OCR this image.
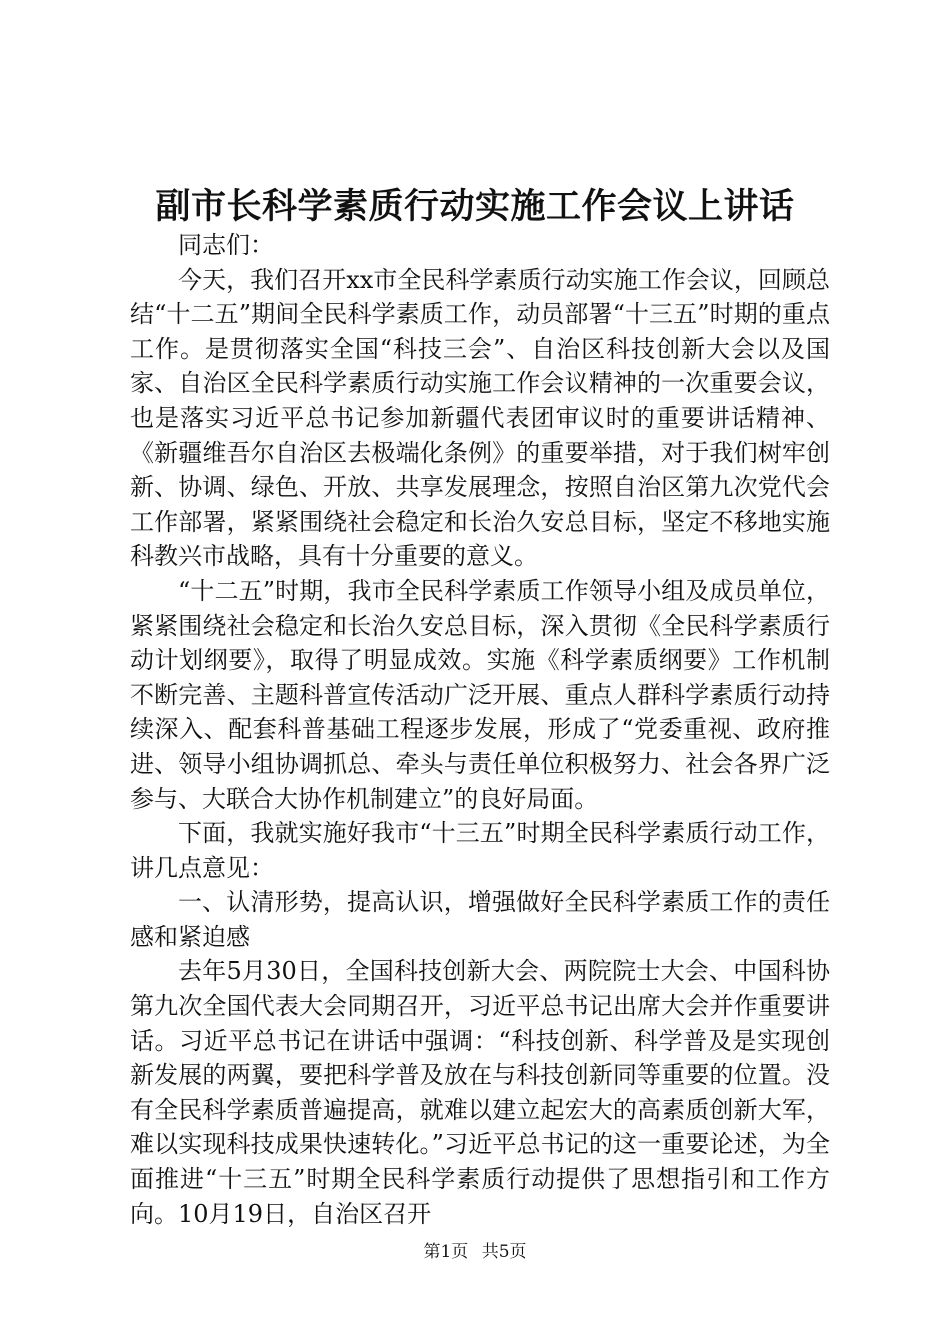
副市长科学素质行动实施工作会议上讲话

同志们：

今天，我们召开xx市全民科学素质行动实施工作会议，回顾总结“十二五”期间全民科学素质工作，动员部署“十三五”时期的重点工作。是贯彻落实全国“科技三会”、自治区科技创新大会以及国家、自治区全民科学素质行动实施工作会议精神的一次重要会议，也是落实习近平总书记参加新疆代表团审议时的重要讲话精神、《新疆维吾尔自治区去极端化条例》的重要举措，对于我们树牢创新、协调、绿色、开放、共享发展理念，按照自治区第九次党代会工作部署，紧紧围绕社会稳定和长治久安总目标，坚定不移地实施科教兴市战略，具有十分重要的意义。

“十二五”时期，我市全民科学素质工作领导小组及成员单位，紧紧围绕社会稳定和长治久安总目标，深入贯彻《全民科学素质行动计划纲要》，取得了明显成效。实施《科学素质纲要》工作机制不断完善、主题科普宣传活动广泛开展、重点人群科学素质行动持续深入、配套科普基础工程逐步发展，形成了“党委重视、政府推进、领导小组协调抓总、牵头与责任单位积极努力、社会各界广泛参与、大联合大协作机制建立”的良好局面。

下面，我就实施好我市“十三五”时期全民科学素质行动工作，讲几点意见：

一、认清形势，提高认识，增强做好全民科学素质工作的责任感和紧迫感

去年5月30日，全国科技创新大会、两院院士大会、中国科协第九次全国代表大会同期召开，习近平总书记出席大会并作重要讲话。习近平总书记在讲话中强调：“科技创新、科学普及是实现创新发展的两翼，要把科学普及放在与科技创新同等重要的位置。没有全民科学素质普遍提高，就难以建立起宏大的高素质创新大军，难以实现科技成果快速转化。”习近平总书记的这一重要论述，为全面推进“十三五”时期全民科学素质行动提供了思想指引和工作方向。10月19日，自治区召开

第1页 共5页
